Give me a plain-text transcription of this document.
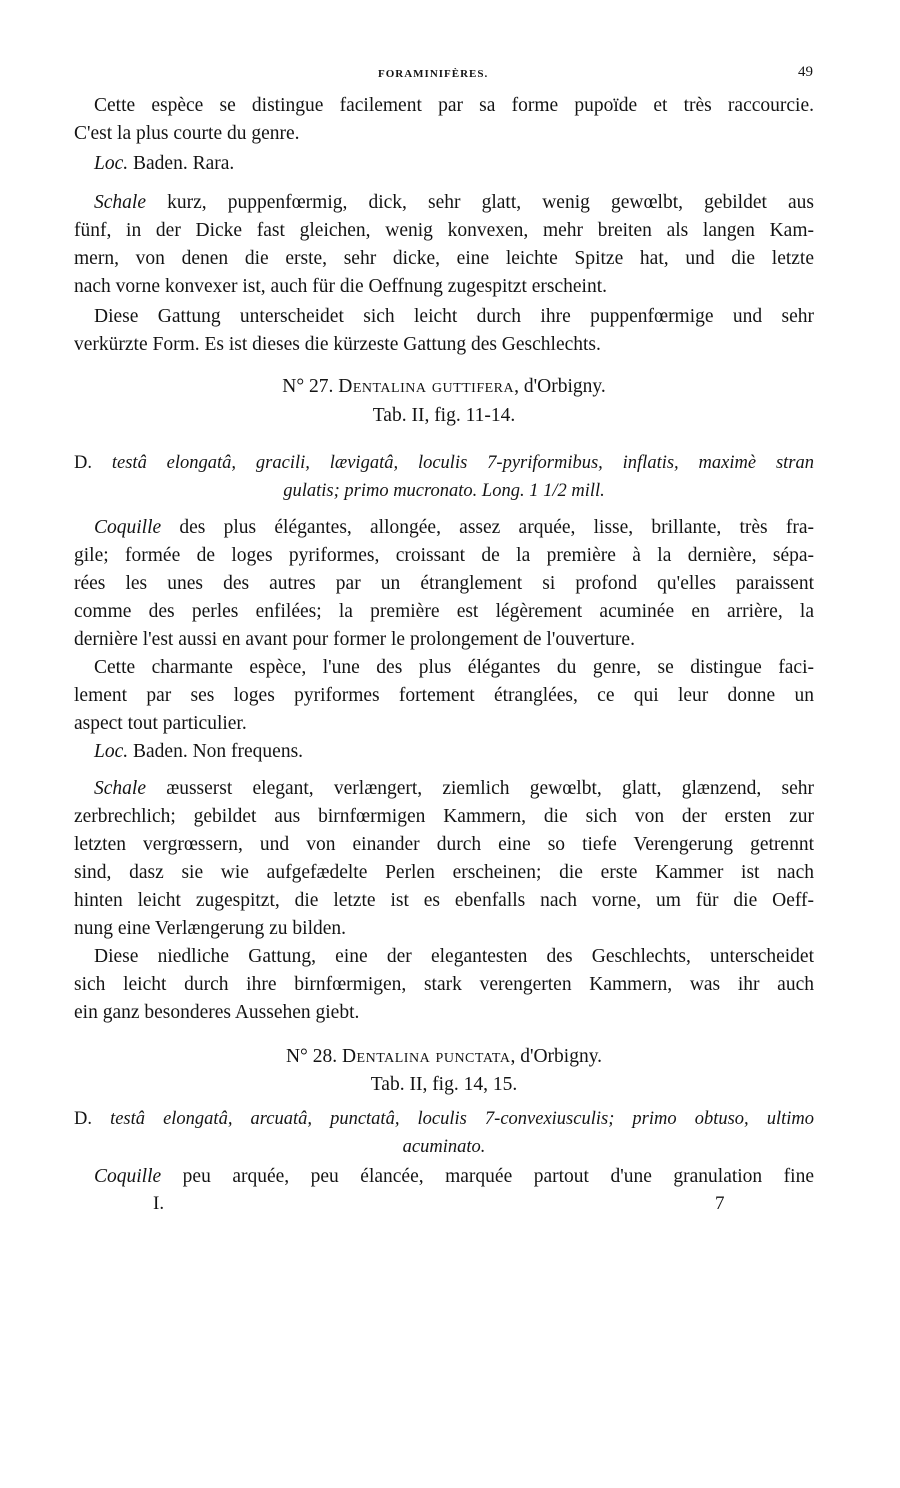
FORAMINIFÈRES.	49
Cette espèce se distingue facilement par sa forme pupoïde et très raccourcie.
C'est la plus courte du genre.
Loc. Baden. Rara.
Schale kurz, puppenfœrmig, dick, sehr glatt, wenig gewœlbt, gebildet aus
fünf, in der Dicke fast gleichen, wenig konvexen, mehr breiten als langen Kam-
mern, von denen die erste, sehr dicke, eine leichte Spitze hat, und die letzte
nach vorne konvexer ist, auch für die Oeffnung zugespitzt erscheint.
Diese Gattung unterscheidet sich leicht durch ihre puppenfœrmige und sehr
verkürzte Form. Es ist dieses die kürzeste Gattung des Geschlechts.
N° 27. Dentalina guttifera, d'Orbigny.
Tab. II, fig. 11-14.
D. testâ elongatâ, gracili, lævigatâ, loculis 7-pyriformibus, inflatis, maximè stran
gulatis; primo mucronato. Long. 1 1/2 mill.
Coquille des plus élégantes, allongée, assez arquée, lisse, brillante, très fra-
gile; formée de loges pyriformes, croissant de la première à la dernière, sépa-
rées les unes des autres par un étranglement si profond qu'elles paraissent
comme des perles enfilées; la première est légèrement acuminée en arrière, la
dernière l'est aussi en avant pour former le prolongement de l'ouverture.
Cette charmante espèce, l'une des plus élégantes du genre, se distingue faci-
lement par ses loges pyriformes fortement étranglées, ce qui leur donne un
aspect tout particulier.
Loc. Baden. Non frequens.
Schale æusserst elegant, verlængert, ziemlich gewœlbt, glatt, glænzend, sehr
zerbrechlich; gebildet aus birnfœrmigen Kammern, die sich von der ersten zur
letzten vergrœssern, und von einander durch eine so tiefe Verengerung getrennt
sind, dasz sie wie aufgefædelte Perlen erscheinen; die erste Kammer ist nach
hinten leicht zugespitzt, die letzte ist es ebenfalls nach vorne, um für die Oeff-
nung eine Verlængerung zu bilden.
Diese niedliche Gattung, eine der elegantesten des Geschlechts, unterscheidet
sich leicht durch ihre birnfœrmigen, stark verengerten Kammern, was ihr auch
ein ganz besonderes Aussehen giebt.
N° 28. Dentalina punctata, d'Orbigny.
Tab. II, fig. 14, 15.
D. testâ elongatâ, arcuatâ, punctatâ, loculis 7-convexiusculis; primo obtuso, ultimo
acuminato.
Coquille peu arquée, peu élancée, marquée partout d'une granulation fine
I.	7
